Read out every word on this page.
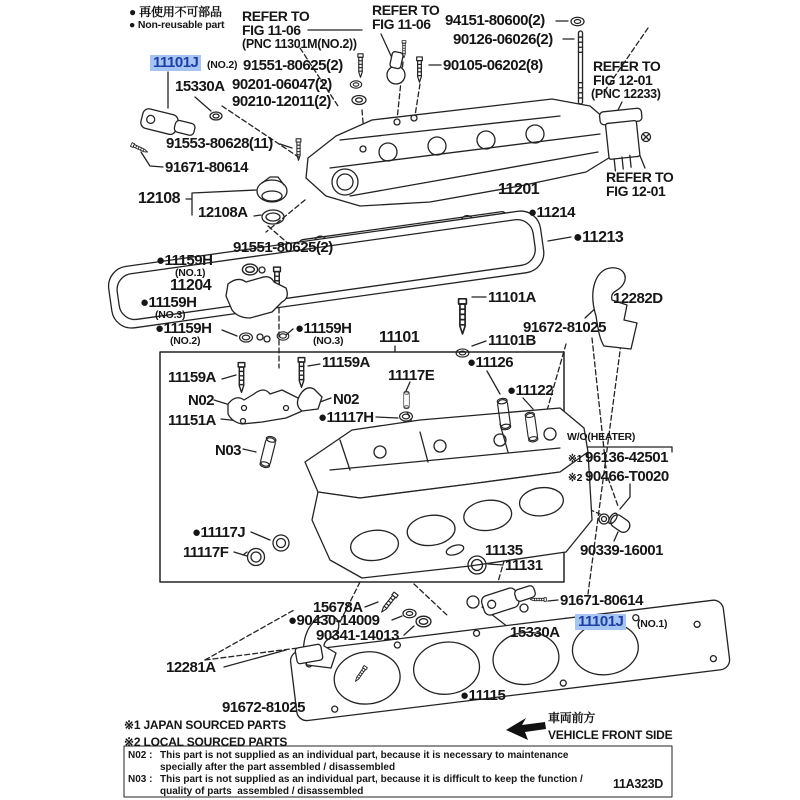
● 再使用不可部品
● Non-reusable part
REFER TO
FIG 11-06
(PNC 11301M(NO.2))
REFER TO
FIG 11-06 94151-80600(2)
90126-06026(2)
11101J (NO.2) 91551-80625(2)
15330A 90201-06047(2)
90210-12011(2)
90105-06202(8)	REFER TO
FIG 12-01
(PNC 12233)
91553-80628(11)
91671-80614
REFER TO
FIG 12-01
12108
12108A
11201
●11214
●11213
91551-80625(2)
●11159H
(NO.1)
11204
●11159H
(NO.3)
●11159H
(NO.2)
●11159H
(NO.3)
11101A	12282D
91672-81025
11101	11101B
11159A
11159A	11117E
●11126
N02	N02
●11122
●11117H
11151A
N03
W/O(HEATER)
※1 96136-42501
※2 90466-T0020
●11117J
11117F	11135	90339-16001
11131
15678A
●90430-14009
91671-80614
90341-14013	15330A
11101J (NO.1)
12281A
●11115
91672-81025
車両前方
VEHICLE FRONT SIDE
※1 JAPAN SOURCED PARTS
※2 LOCAL SOURCED PARTS
N02 : This part is not supplied as an individual part, because it is necessary to maintenance
specially after the part assembled / disassembled
N03 : This part is not supplied as an individual part, because it is difficult to keep the function /
quality of parts  assembled / disassembled
11A323D
